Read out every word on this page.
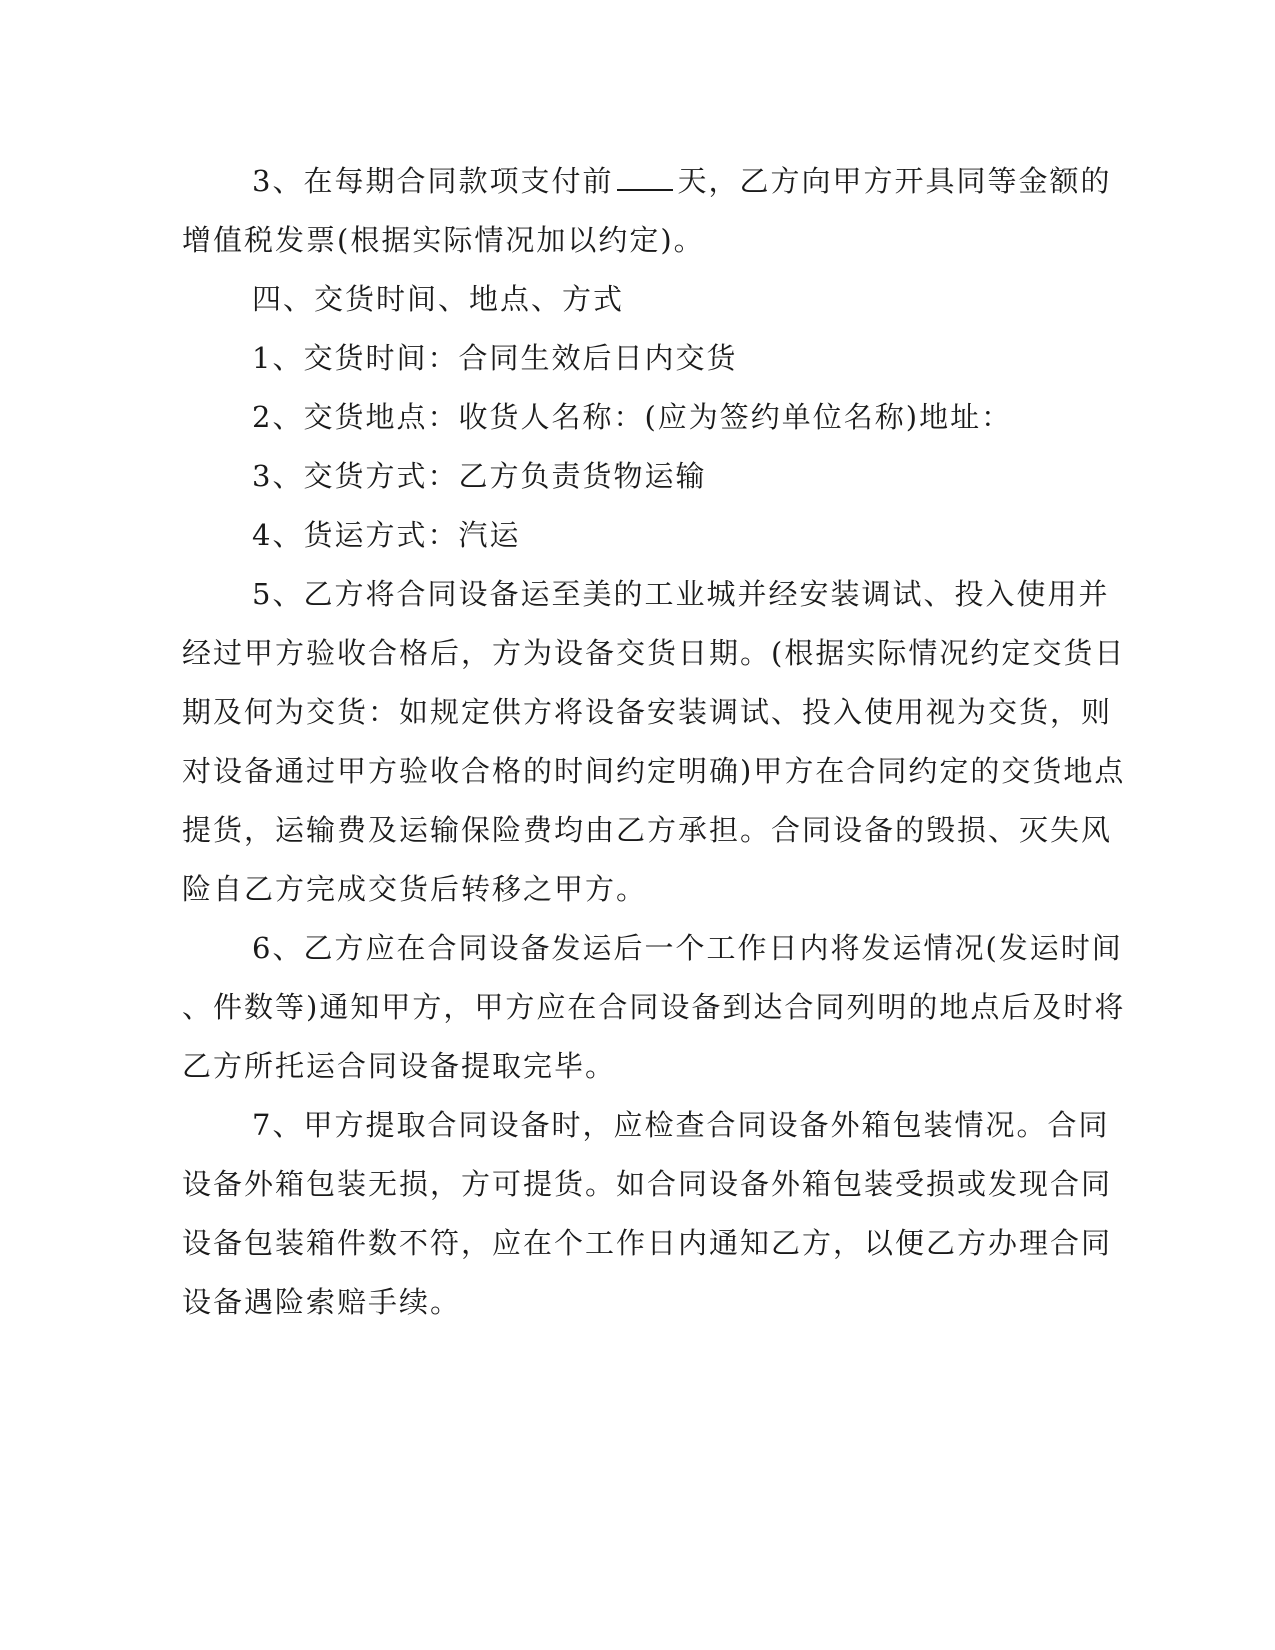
3、在每期合同款项支付前 天，乙方向甲方开具同等金额的
增值税发票(根据实际情况加以约定)。
四、交货时间、地点、方式
1、交货时间：合同生效后日内交货
2、交货地点：收货人名称：(应为签约单位名称)地址：
3、交货方式：乙方负责货物运输
4、货运方式：汽运
5、乙方将合同设备运至美的工业城并经安装调试、投入使用并
经过甲方验收合格后，方为设备交货日期。(根据实际情况约定交货日
期及何为交货：如规定供方将设备安装调试、投入使用视为交货，则
对设备通过甲方验收合格的时间约定明确)甲方在合同约定的交货地点
提货，运输费及运输保险费均由乙方承担。合同设备的毁损、灭失风
险自乙方完成交货后转移之甲方。
6、乙方应在合同设备发运后一个工作日内将发运情况(发运时间
、件数等)通知甲方，甲方应在合同设备到达合同列明的地点后及时将
乙方所托运合同设备提取完毕。
7、甲方提取合同设备时，应检查合同设备外箱包装情况。合同
设备外箱包装无损，方可提货。如合同设备外箱包装受损或发现合同
设备包装箱件数不符，应在个工作日内通知乙方，以便乙方办理合同
设备遇险索赔手续。
